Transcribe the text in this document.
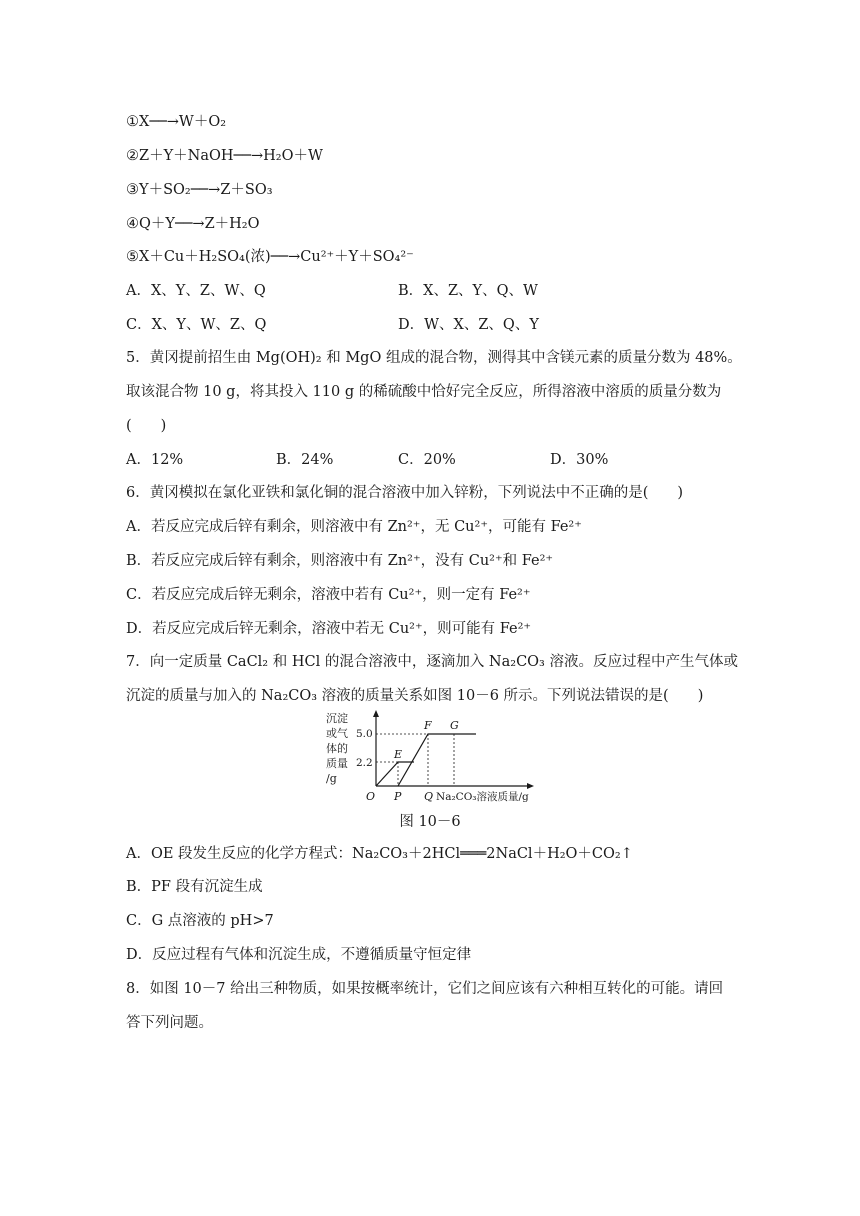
①X──→W＋O₂
②Z＋Y＋NaOH──→H₂O＋W
③Y＋SO₂──→Z＋SO₃
④Q＋Y──→Z＋H₂O
⑤X＋Cu＋H₂SO₄(浓)──→Cu²⁺＋Y＋SO₄²⁻
A．X、Y、Z、W、Q	B．X、Z、Y、Q、W
C．X、Y、W、Z、Q	D．W、X、Z、Q、Y
5．黄冈提前招生由 Mg(OH)₂ 和 MgO 组成的混合物，测得其中含镁元素的质量分数为 48%。
取该混合物 10 g，将其投入 110 g 的稀硫酸中恰好完全反应，所得溶液中溶质的质量分数为
(　　)
A．12%	B．24%	C．20%	D．30%
6．黄冈模拟在氯化亚铁和氯化铜的混合溶液中加入锌粉，下列说法中不正确的是(　　)
A．若反应完成后锌有剩余，则溶液中有 Zn²⁺，无 Cu²⁺，可能有 Fe²⁺
B．若反应完成后锌有剩余，则溶液中有 Zn²⁺，没有 Cu²⁺和 Fe²⁺
C．若反应完成后锌无剩余，溶液中若有 Cu²⁺，则一定有 Fe²⁺
D．若反应完成后锌无剩余，溶液中若无 Cu²⁺，则可能有 Fe²⁺
7．向一定质量 CaCl₂ 和 HCl 的混合溶液中，逐滴加入 Na₂CO₃ 溶液。反应过程中产生气体或
沉淀的质量与加入的 Na₂CO₃ 溶液的质量关系如图 10－6 所示。下列说法错误的是(　　)
沉淀
或气
体的
质量
/g
5.0
2.2
E
F G
O P Q Na₂CO₃溶液质量/g
图 10－6
A．OE 段发生反应的化学方程式：Na₂CO₃＋2HCl═══2NaCl＋H₂O＋CO₂↑
B．PF 段有沉淀生成
C．G 点溶液的 pH>7
D．反应过程有气体和沉淀生成，不遵循质量守恒定律
8．如图 10－7 给出三种物质，如果按概率统计，它们之间应该有六种相互转化的可能。请回
答下列问题。
